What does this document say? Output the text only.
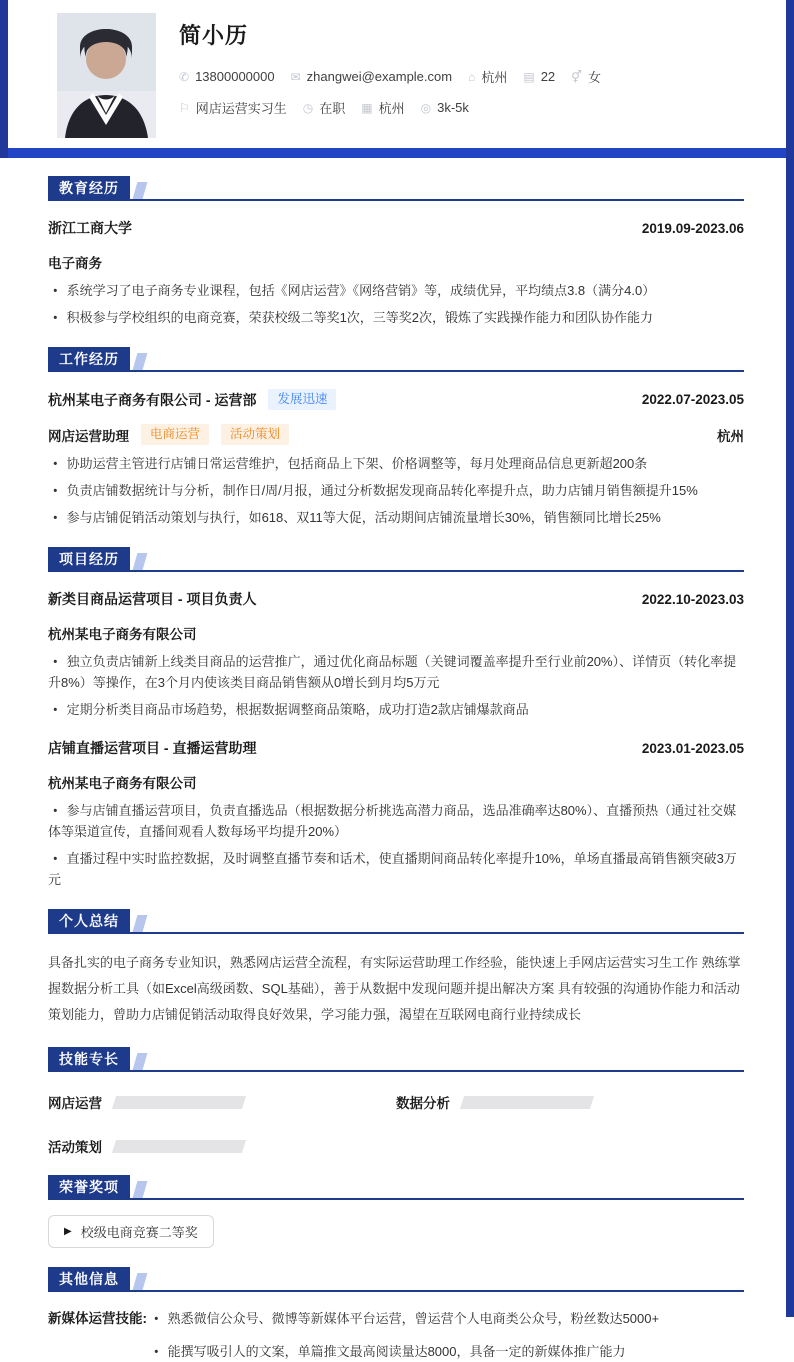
简小历
✆ 13800000000 ✉ zhangwei@example.com ⌂ 杭州 ▤ 22 ⚥ 女
⚐ 网店运营实习生 ◷ 在职 ▦ 杭州 ◎ 3k-5k
教育经历
浙江工商大学	2019.09-2023.06
电子商务
• 系统学习了电子商务专业课程，包括《网店运营》《网络营销》等，成绩优异，平均绩点3.8（满分4.0）
• 积极参与学校组织的电商竞赛，荣获校级二等奖1次，三等奖2次，锻炼了实践操作能力和团队协作能力
工作经历
杭州某电子商务有限公司 - 运营部	发展迅速	2022.07-2023.05
网店运营助理	电商运营	活动策划	杭州
• 协助运营主管进行店铺日常运营维护，包括商品上下架、价格调整等，每月处理商品信息更新超200条
• 负责店铺数据统计与分析，制作日/周/月报，通过分析数据发现商品转化率提升点，助力店铺月销售额提升15%
• 参与店铺促销活动策划与执行，如618、双11等大促，活动期间店铺流量增长30%，销售额同比增长25%
项目经历
新类目商品运营项目 - 项目负责人	2022.10-2023.03
杭州某电子商务有限公司
• 独立负责店铺新上线类目商品的运营推广，通过优化商品标题（关键词覆盖率提升至行业前20%）、详情页（转化率提升8%）等操作，在3个月内使该类目商品销售额从0增长到月均5万元
• 定期分析类目商品市场趋势，根据数据调整商品策略，成功打造2款店铺爆款商品
店铺直播运营项目 - 直播运营助理	2023.01-2023.05
杭州某电子商务有限公司
• 参与店铺直播运营项目，负责直播选品（根据数据分析挑选高潜力商品，选品准确率达80%）、直播预热（通过社交媒体等渠道宣传，直播间观看人数每场平均提升20%）
• 直播过程中实时监控数据，及时调整直播节奏和话术，使直播期间商品转化率提升10%，单场直播最高销售额突破3万元
个人总结
具备扎实的电子商务专业知识，熟悉网店运营全流程，有实际运营助理工作经验，能快速上手网店运营实习生工作 熟练掌握数据分析工具（如Excel高级函数、SQL基础），善于从数据中发现问题并提出解决方案 具有较强的沟通协作能力和活动策划能力，曾助力店铺促销活动取得良好效果，学习能力强，渴望在互联网电商行业持续成长
技能专长
网店运营	数据分析
活动策划
荣誉奖项
▶ 校级电商竞赛二等奖
其他信息
新媒体运营技能: • 熟悉微信公众号、微博等新媒体平台运营，曾运营个人电商类公众号，粉丝数达5000+
• 能撰写吸引人的文案，单篇推文最高阅读量达8000，具备一定的新媒体推广能力
